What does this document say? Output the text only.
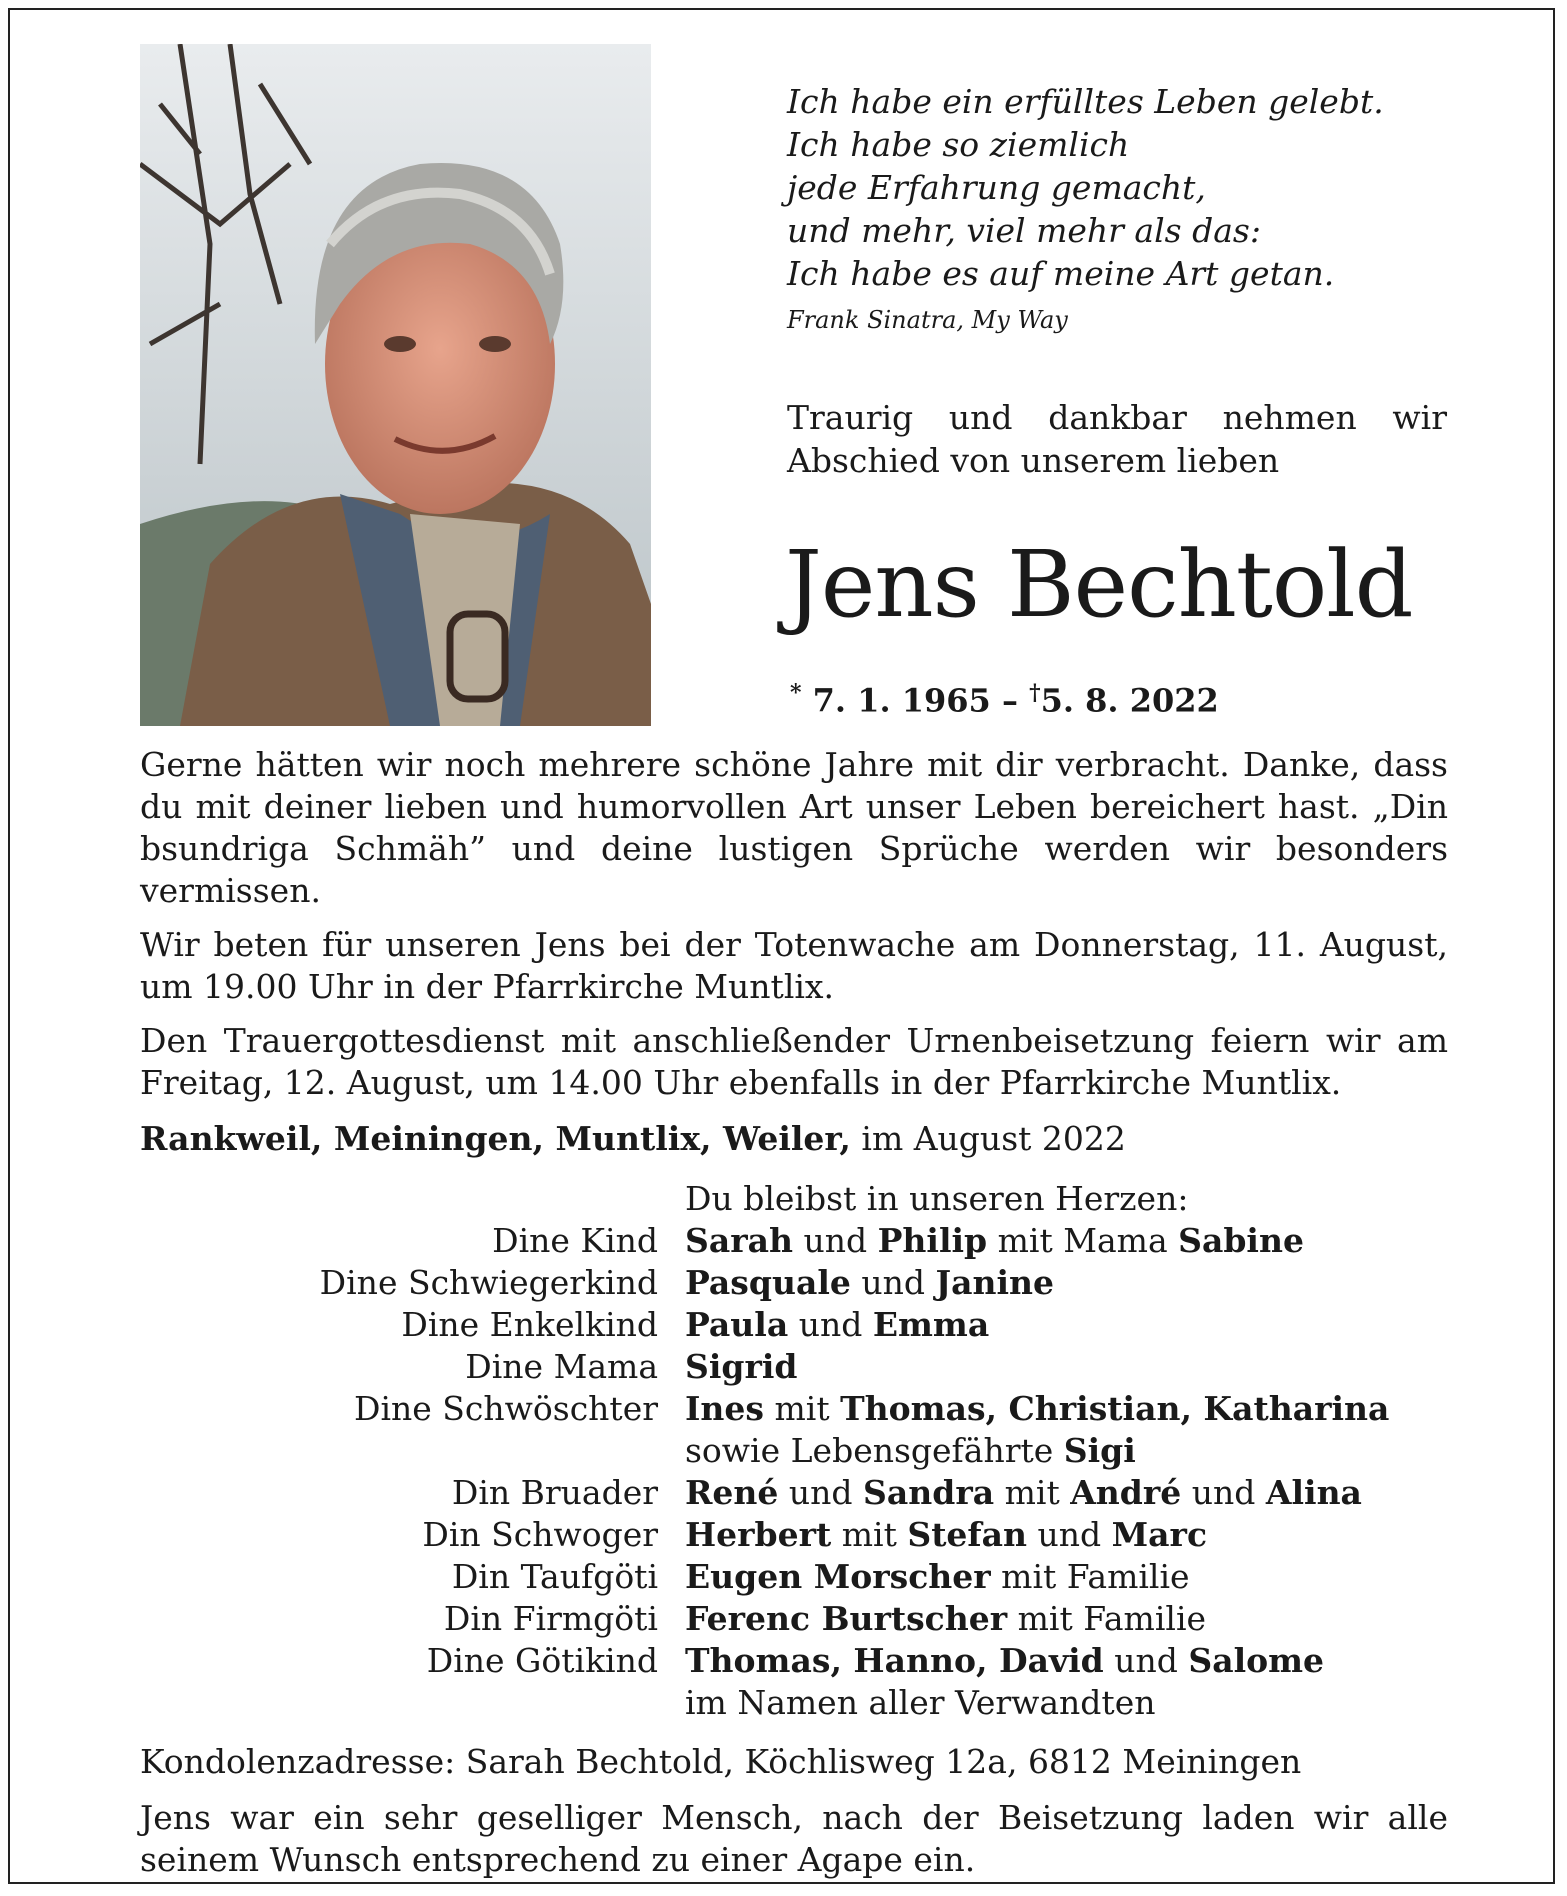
Ich habe ein erfülltes Leben gelebt.
Ich habe so ziemlich
jede Erfahrung gemacht,
und mehr, viel mehr als das:
Ich habe es auf meine Art getan.
Frank Sinatra, My Way
Traurig und dankbar nehmen wir Abschied von unserem lieben
Jens Bechtold
* 7. 1. 1965 – †5. 8. 2022
Gerne hätten wir noch mehrere schöne Jahre mit dir verbracht. Danke, dass du mit deiner lieben und humorvollen Art unser Leben bereichert hast. „Din bsundriga Schmäh” und deine lustigen Sprüche werden wir besonders vermissen.
Wir beten für unseren Jens bei der Totenwache am Donnerstag, 11. August, um 19.00 Uhr in der Pfarrkirche Muntlix.
Den Trauergottesdienst mit anschließender Urnenbeisetzung feiern wir am Freitag, 12. August, um 14.00 Uhr ebenfalls in der Pfarrkirche Muntlix.
Rankweil, Meiningen, Muntlix, Weiler, im August 2022
Du bleibst in unseren Herzen:
Dine Kind Sarah und Philip mit Mama Sabine
Dine Schwiegerkind Pasquale und Janine
Dine Enkelkind Paula und Emma
Dine Mama Sigrid
Dine Schwöschter Ines mit Thomas, Christian, Katharina
sowie Lebensgefährte Sigi
Din Bruader René und Sandra mit André und Alina
Din Schwoger Herbert mit Stefan und Marc
Din Taufgöti Eugen Morscher mit Familie
Din Firmgöti Ferenc Burtscher mit Familie
Dine Götikind Thomas, Hanno, David und Salome
im Namen aller Verwandten
Kondolenzadresse: Sarah Bechtold, Köchlisweg 12a, 6812 Meiningen
Jens war ein sehr geselliger Mensch, nach der Beisetzung laden wir alle seinem Wunsch entsprechend zu einer Agape ein.
